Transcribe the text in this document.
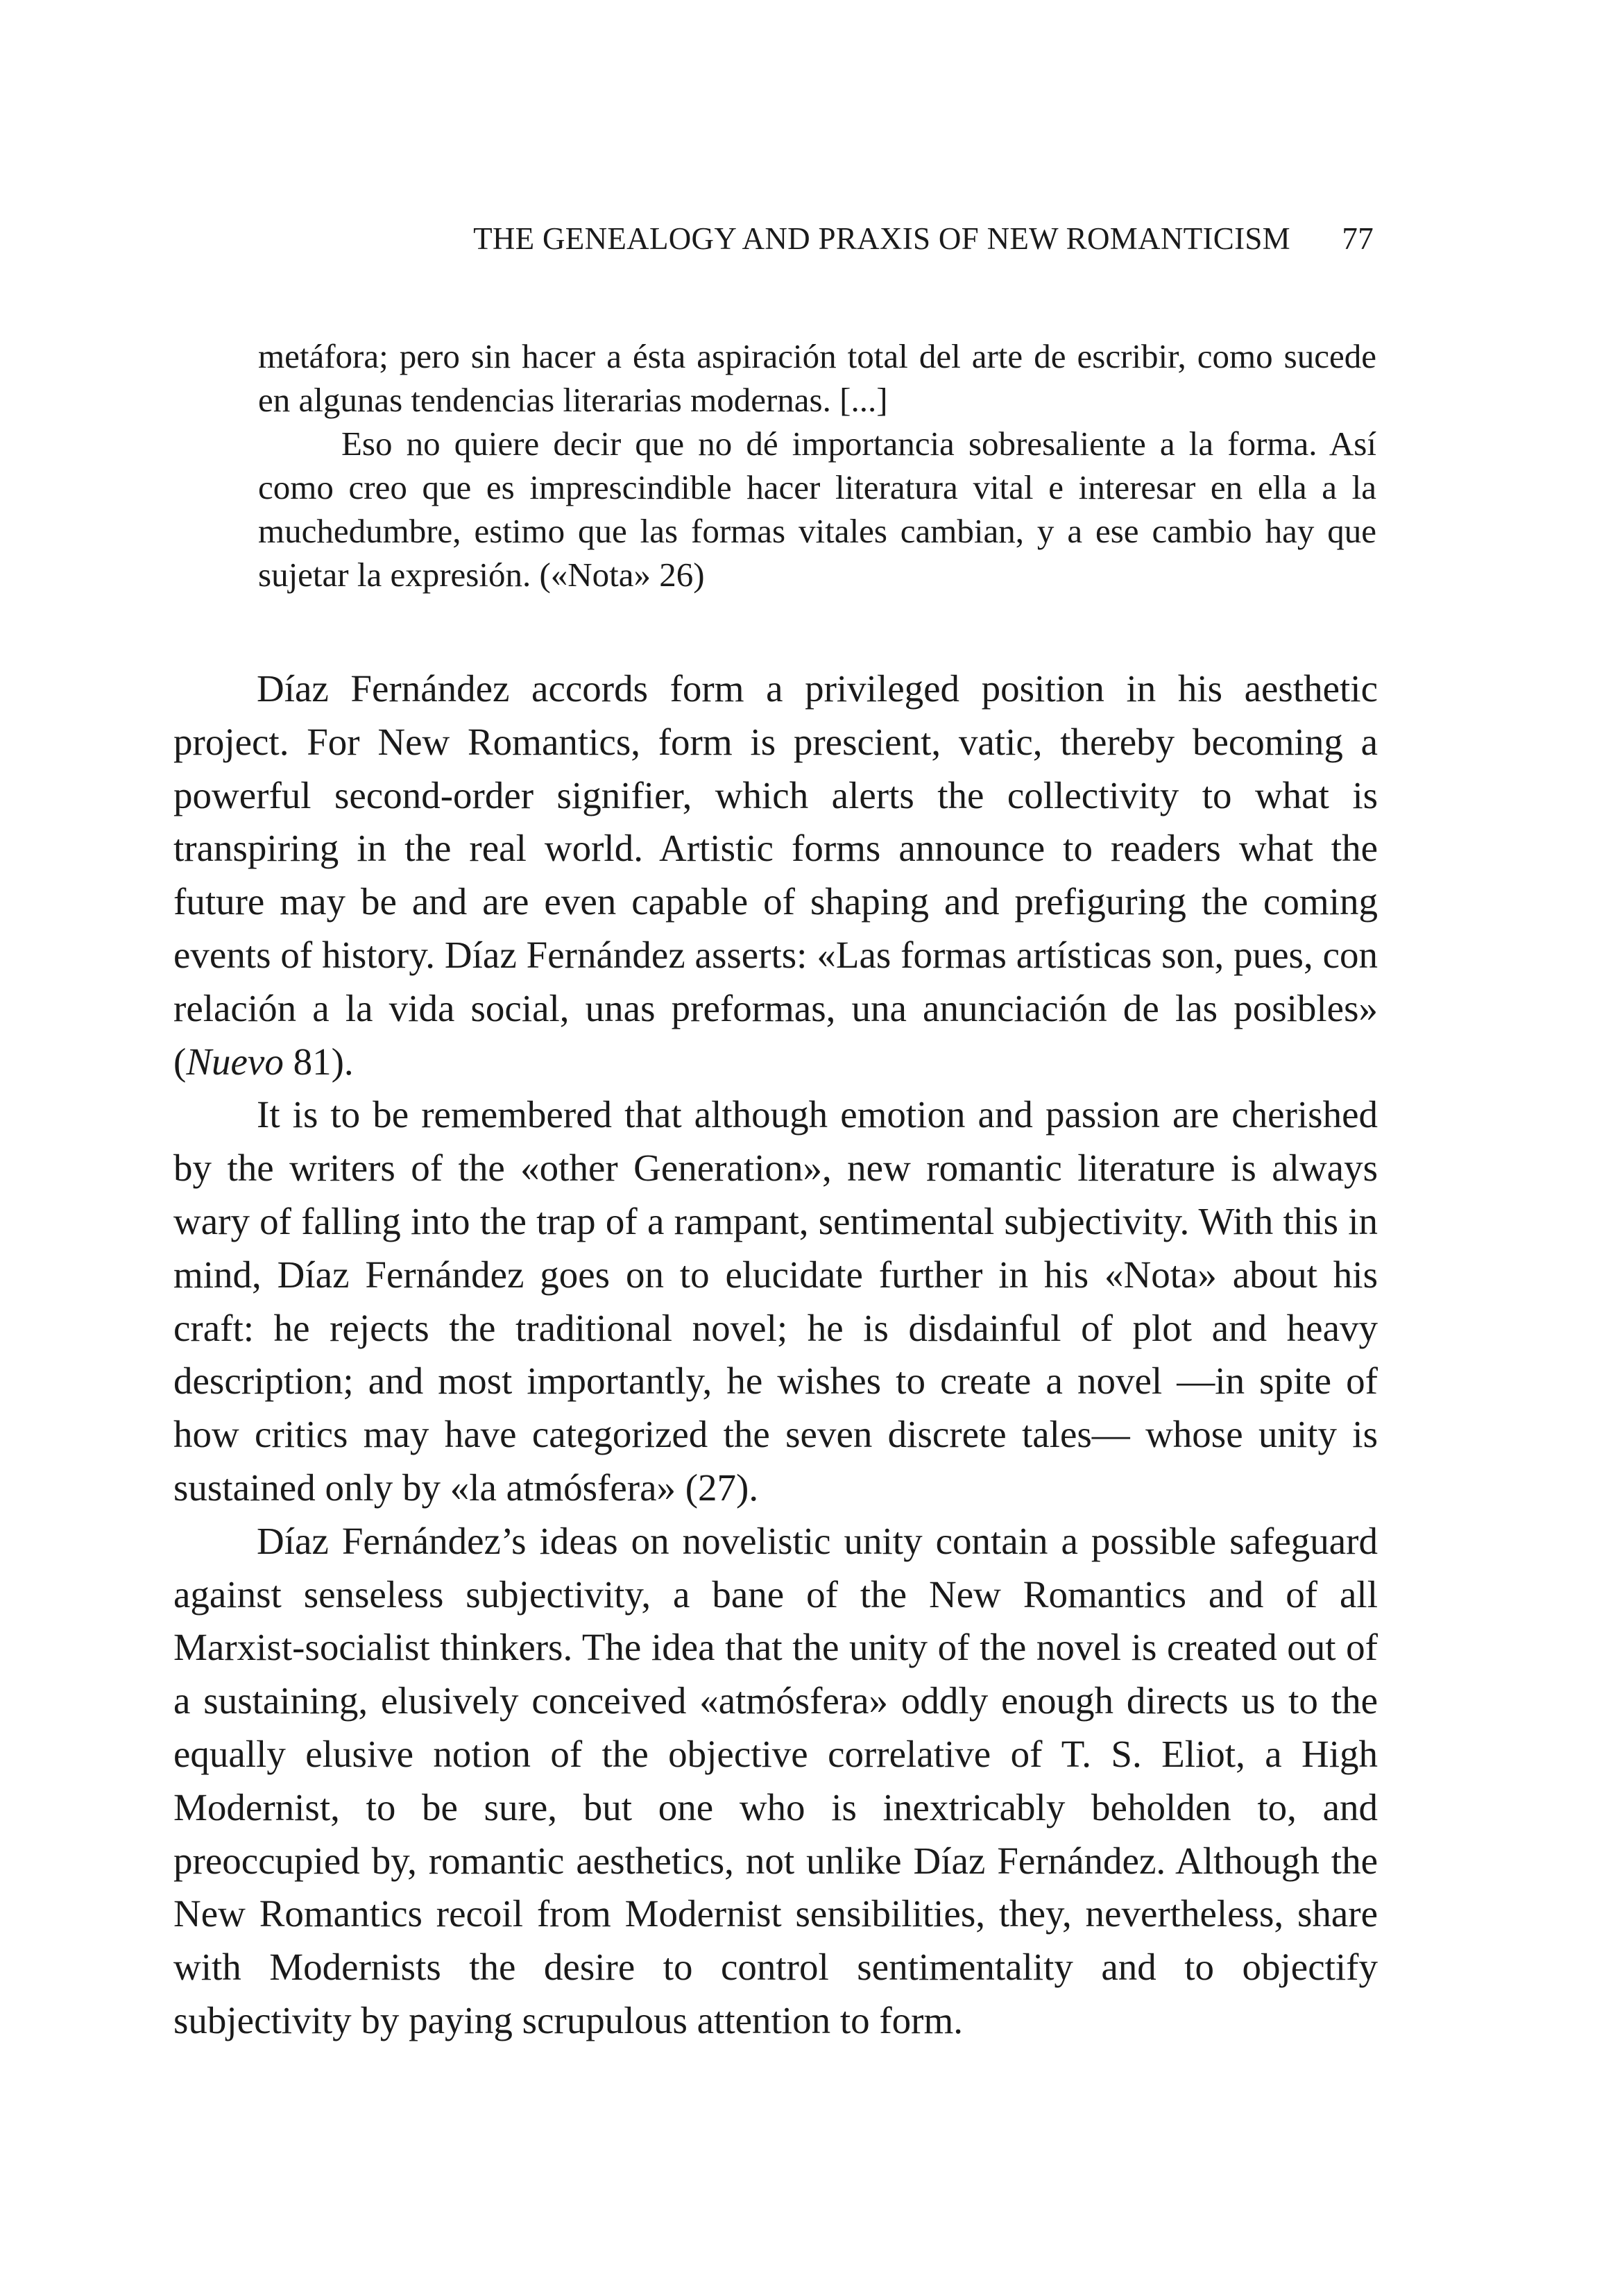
THE GENEALOGY AND PRAXIS OF NEW ROMANTICISM 77

metáfora; pero sin hacer a ésta aspiración total del arte de escribir, como sucede en algunas tendencias literarias modernas. [...]

Eso no quiere decir que no dé importancia sobresaliente a la forma. Así como creo que es imprescindible hacer literatura vital e interesar en ella a la muchedumbre, estimo que las formas vitales cambian, y a ese cambio hay que sujetar la expresión. («Nota» 26)

Díaz Fernández accords form a privileged position in his aesthetic project. For New Romantics, form is prescient, vatic, thereby becoming a powerful second-order signifier, which alerts the collectivity to what is transpiring in the real world. Artistic forms announce to readers what the future may be and are even capable of shaping and prefiguring the coming events of history. Díaz Fernández asserts: «Las formas artísticas son, pues, con relación a la vida social, unas preformas, una anunciación de las posibles» (Nuevo 81).

It is to be remembered that although emotion and passion are cherished by the writers of the «other Generation», new romantic literature is always wary of falling into the trap of a rampant, sentimental subjectivity. With this in mind, Díaz Fernández goes on to elucidate further in his «Nota» about his craft: he rejects the traditional novel; he is disdainful of plot and heavy description; and most importantly, he wishes to create a novel —in spite of how critics may have categorized the seven discrete tales— whose unity is sustained only by «la atmósfera» (27).

Díaz Fernández’s ideas on novelistic unity contain a possible safeguard against senseless subjectivity, a bane of the New Romantics and of all Marxist-socialist thinkers. The idea that the unity of the novel is created out of a sustaining, elusively conceived «atmósfera» oddly enough directs us to the equally elusive notion of the objective correlative of T. S. Eliot, a High Modernist, to be sure, but one who is inextricably beholden to, and preoccupied by, romantic aesthetics, not unlike Díaz Fernández. Although the New Romantics recoil from Modernist sensibilities, they, nevertheless, share with Modernists the desire to control sentimentality and to objectify subjectivity by paying scrupulous attention to form.
